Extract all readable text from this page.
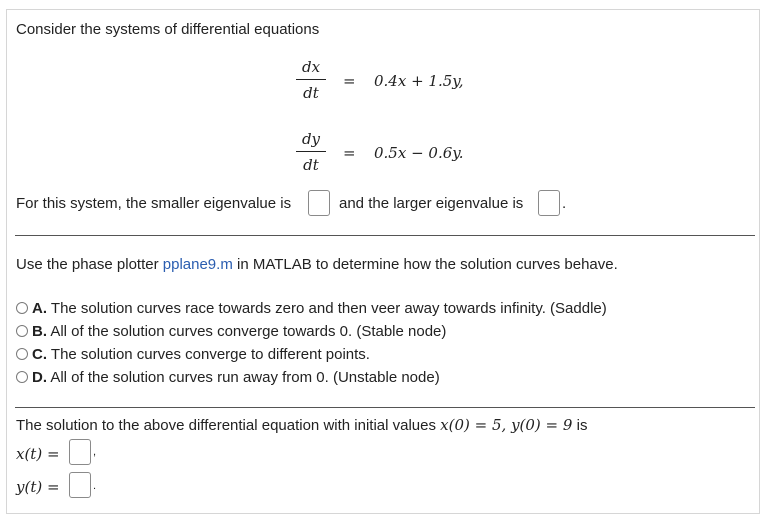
Consider the systems of differential equations
dx
dt
= 0.4x + 1.5y,
dy
dt
= 0.5x − 0.6y.
For this system, the smaller eigenvalue is	and the larger eigenvalue is	.
Use the phase plotter pplane9.m in MATLAB to determine how the solution curves behave.
A. The solution curves race towards zero and then veer away towards infinity. (Saddle)
B. All of the solution curves converge towards 0. (Stable node)
C. The solution curves converge to different points.
D. All of the solution curves run away from 0. (Unstable node)
The solution to the above differential equation with initial values x(0) = 5, y(0) = 9 is
x(t) =	,
y(t) =	.
